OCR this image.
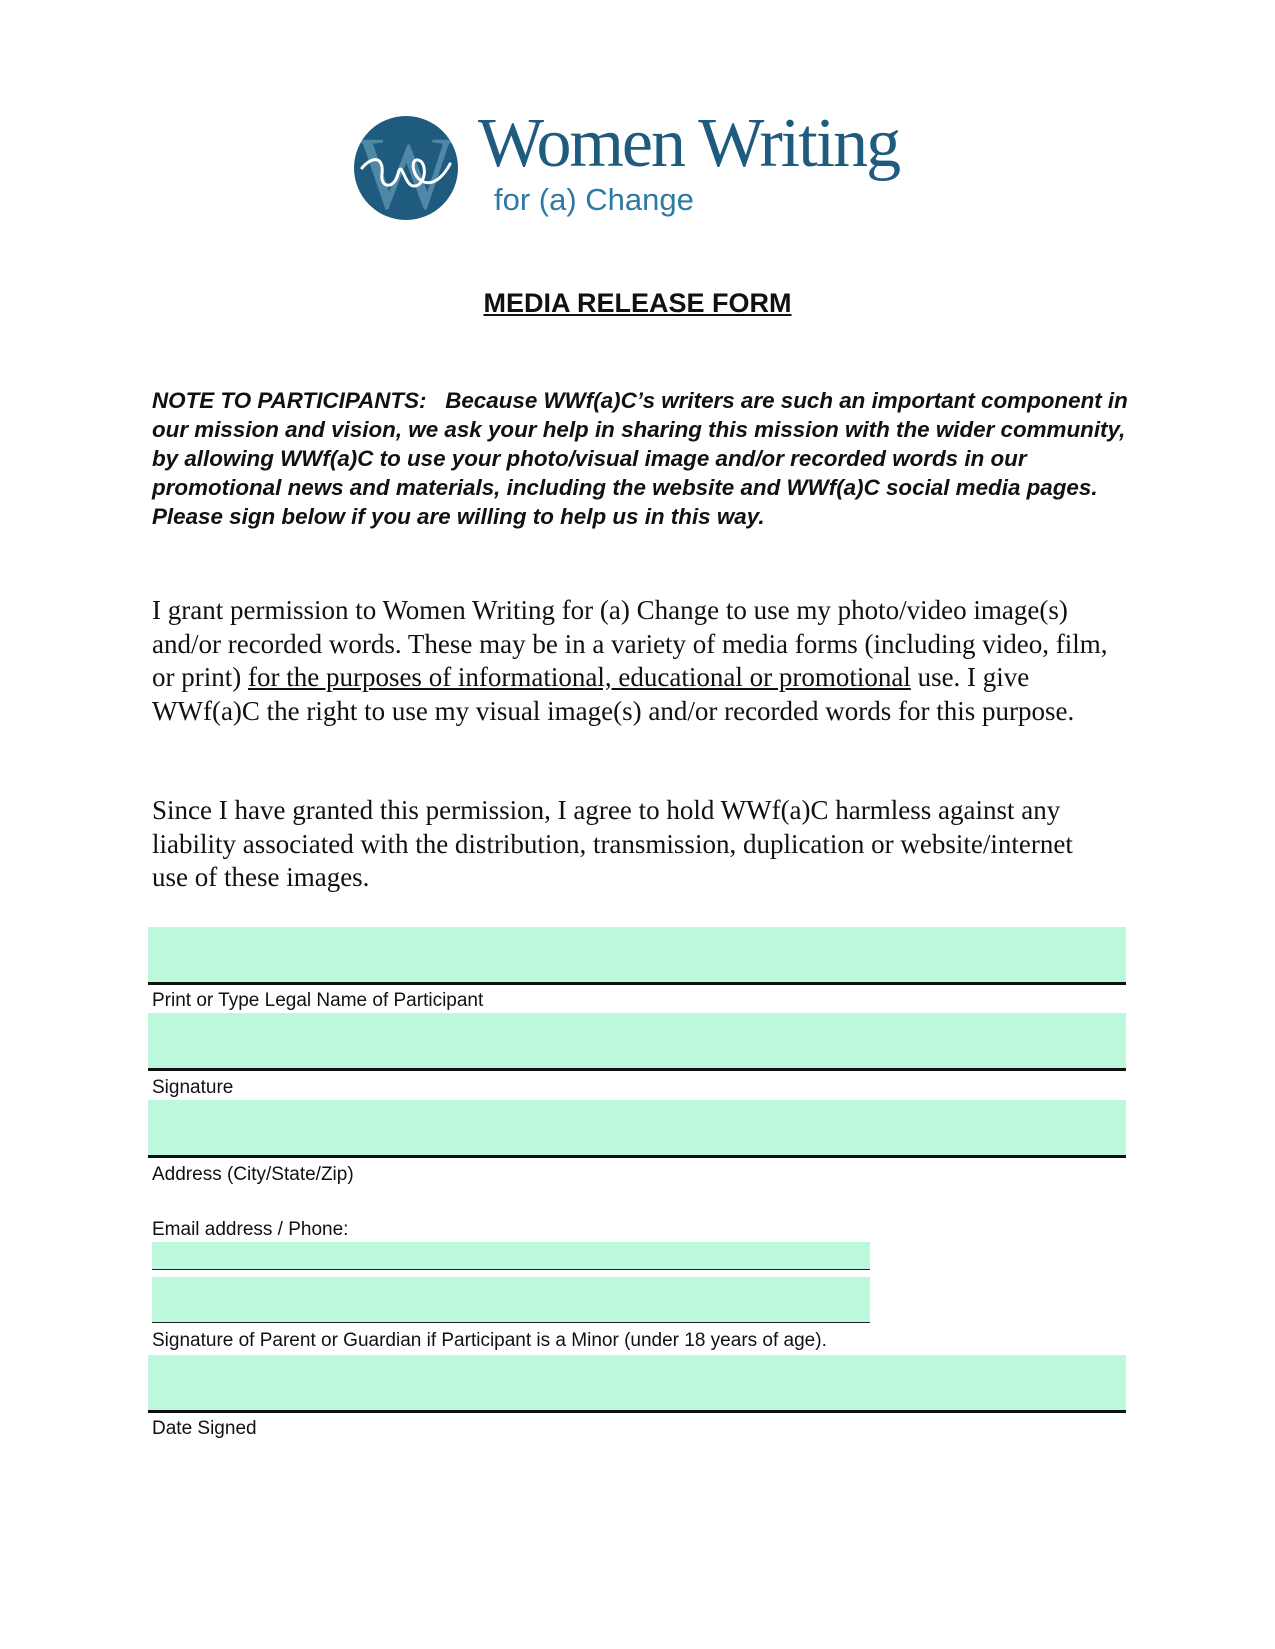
W Women Writing
for (a) Change
MEDIA RELEASE FORM

NOTE TO PARTICIPANTS: Because WWf(a)C’s writers are such an important component in our mission and vision, we ask your help in sharing this mission with the wider community, by allowing WWf(a)C to use your photo/visual image and/or recorded words in our promotional news and materials, including the website and WWf(a)C social media pages. Please sign below if you are willing to help us in this way.

I grant permission to Women Writing for (a) Change to use my photo/video image(s) and/or recorded words. These may be in a variety of media forms (including video, film, or print) for the purposes of informational, educational or promotional use. I give WWf(a)C the right to use my visual image(s) and/or recorded words for this purpose.

Since I have granted this permission, I agree to hold WWf(a)C harmless against any liability associated with the distribution, transmission, duplication or website/internet use of these images.

Print or Type Legal Name of Participant

Signature

Address (City/State/Zip)

Email address / Phone:

Signature of Parent or Guardian if Participant is a Minor (under 18 years of age).

Date Signed
